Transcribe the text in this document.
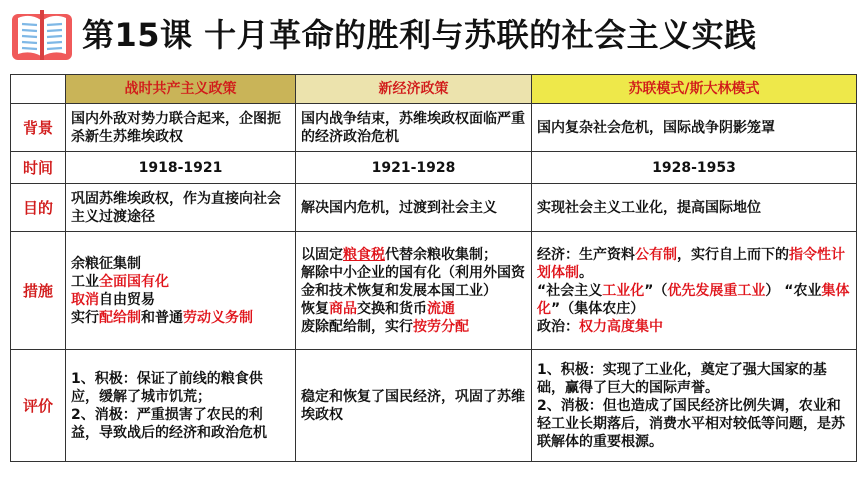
第15课 十月革命的胜利与苏联的社会主义实践
	战时共产主义政策	新经济政策	苏联模式/斯大林模式
背景	国内外敌对势力联合起来，企图扼杀新生苏维埃政权	国内战争结束，苏维埃政权面临严重的经济政治危机	国内复杂社会危机，国际战争阴影笼罩
时间	1918-1921	1921-1928	1928-1953
目的	巩固苏维埃政权，作为直接向社会主义过渡途径	解决国内危机，过渡到社会主义	实现社会主义工业化，提高国际地位
措施	余粮征集制
工业全面国有化
取消自由贸易
实行配给制和普通劳动义务制	以固定粮食税代替余粮收集制；
解除中小企业的国有化（利用外国资金和技术恢复和发展本国工业）
恢复商品交换和货币流通
废除配给制，实行按劳分配	经济：生产资料公有制，实行自上而下的指令性计划体制。
“社会主义工业化”（优先发展重工业） “农业集体化”（集体农庄）
政治：权力高度集中

评价	1、积极：保证了前线的粮食供应，缓解了城市饥荒；
2、消极：严重损害了农民的利益，导致战后的经济和政治危机	稳定和恢复了国民经济，巩固了苏维埃政权	1、积极：实现了工业化，奠定了强大国家的基础，赢得了巨大的国际声誉。
2、消极：但也造成了国民经济比例失调，农业和轻工业长期落后，消费水平相对较低等问题，是苏联解体的重要根源。
